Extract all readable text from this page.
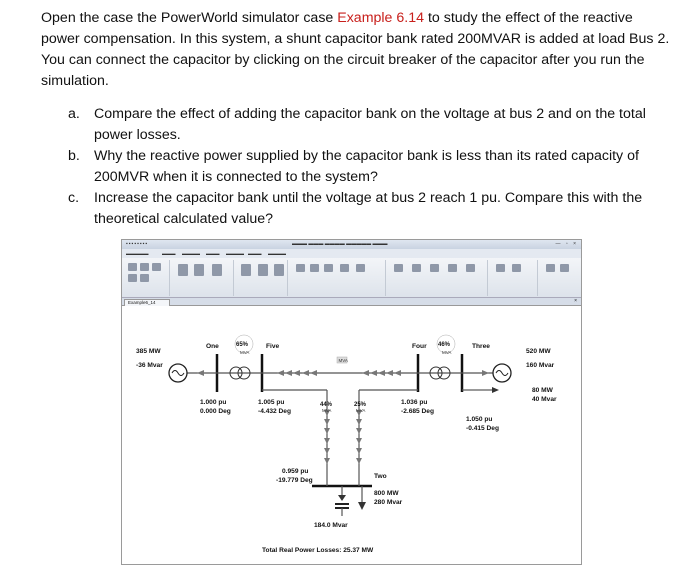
Open the case the PowerWorld simulator case Example 6.14 to study the effect of the reactive power compensation. In this system, a shunt capacitor bank rated 200MVAR is added at load Bus 2. You can connect the capacitor by clicking on the circuit breaker of the capacitor after you run the simulation.
a. Compare the effect of adding the capacitor bank on the voltage at bus 2 and on the total power losses.
b. Why the reactive power supplied by the capacitor bank is less than its rated capacity of 200MVR when it is connected to the system?
c.	Increase the capacitor bank until the voltage at bus 2 reach 1 pu. Compare this with the theoretical calculated value?
▪▪▪▪▪▪▪▪	▬▬▬ ▬▬▬ ▬▬▬▬ ▬▬▬▬▬ ▬▬▬	— ▫ ×
▬▬▬▬▬	▬▬▬ ▬▬▬▬ ▬▬▬ ▬▬▬▬ ▬▬▬ ▬▬▬▬
Example6_14	×
MVA
One	Five	Four	Three
Two
65%
MVA
46%
MVA
44%
MVA
25%
MVA
385 MW
-36 Mvar
520 MW
160 Mvar
80 MW
40 Mvar
1.000 pu
0.000 Deg
1.005 pu
-4.432 Deg
1.036 pu
-2.685 Deg
1.050 pu
-0.415 Deg
0.959 pu
-19.779 Deg
800 MW
280 Mvar
184.0 Mvar
Total Real Power Losses: 25.37 MW
